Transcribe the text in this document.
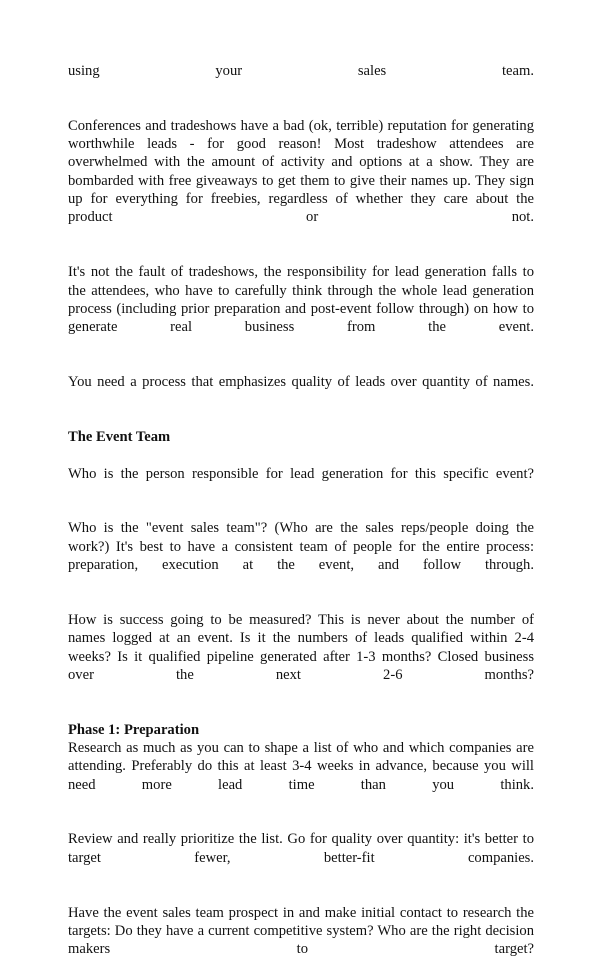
using your sales team.

Conferences and tradeshows have a bad (ok, terrible) reputation for generating worthwhile leads - for good reason! Most tradeshow attendees are overwhelmed with the amount of activity and options at a show. They are bombarded with free giveaways to get them to give their names up. They sign up for everything for freebies, regardless of whether they care about the product or not.

It's not the fault of tradeshows, the responsibility for lead generation falls to the attendees, who have to carefully think through the whole lead generation process (including prior preparation and post-event follow through) on how to generate real business from the event.

You need a process that emphasizes quality of leads over quantity of names.

The Event Team

Who is the person responsible for lead generation for this specific event?

Who is the "event sales team"? (Who are the sales reps/people doing the work?) It's best to have a consistent team of people for the entire process: preparation, execution at the event, and follow through.

How is success going to be measured? This is never about the number of names logged at an event. Is it the numbers of leads qualified within 2-4 weeks? Is it qualified pipeline generated after 1-3 months? Closed business over the next 2-6 months?

Phase 1: Preparation

Research as much as you can to shape a list of who and which companies are attending. Preferably do this at least 3-4 weeks in advance, because you will need more lead time than you think.

Review and really prioritize the list. Go for quality over quantity: it's better to target fewer, better-fit companies.

Have the event sales team prospect in and make initial contact to research the targets: Do they have a current competitive system? Who are the right decision makers to target?
